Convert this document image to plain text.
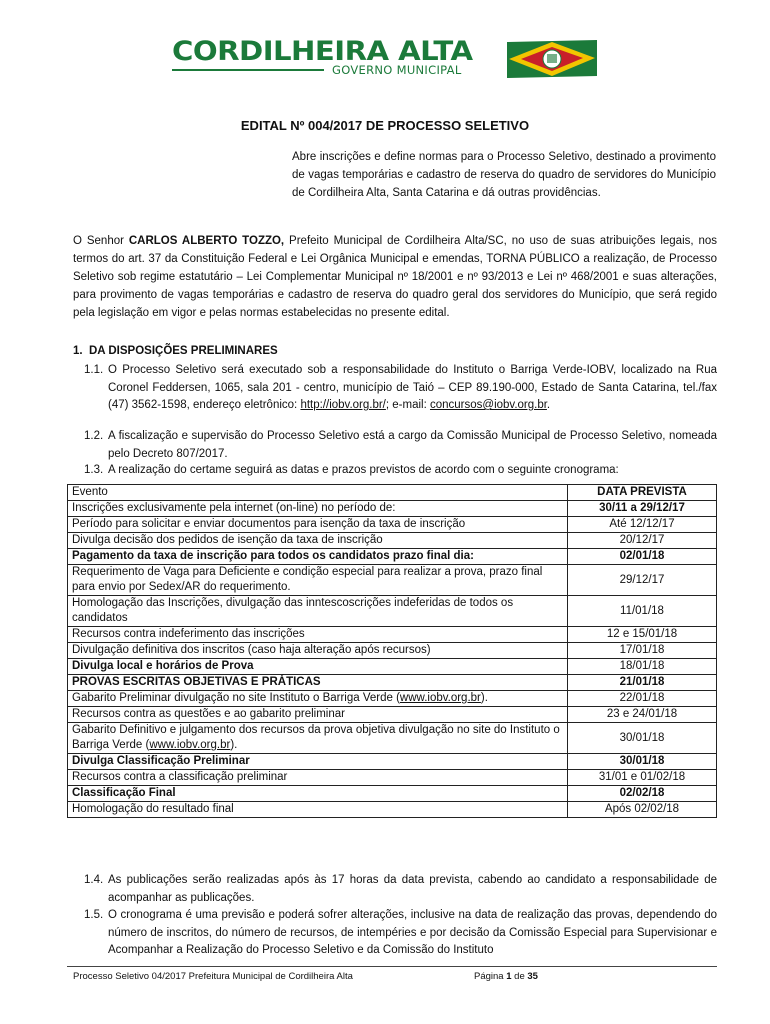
CORDILHEIRA ALTA
GOVERNO MUNICIPAL
EDITAL Nº 004/2017 DE PROCESSO SELETIVO
Abre inscrições e define normas para o Processo Seletivo, destinado a provimento de vagas temporárias e cadastro de reserva do quadro de servidores do Município de Cordilheira Alta, Santa Catarina e dá outras providências.
O Senhor CARLOS ALBERTO TOZZO, Prefeito Municipal de Cordilheira Alta/SC, no uso de suas atribuições legais, nos termos do art. 37 da Constituição Federal e Lei Orgânica Municipal e emendas, TORNA PÚBLICO a realização, de Processo Seletivo sob regime estatutário – Lei Complementar Municipal nº 18/2001 e nº 93/2013 e Lei nº 468/2001 e suas alterações, para provimento de vagas temporárias e cadastro de reserva do quadro geral dos servidores do Município, que será regido pela legislação em vigor e pelas normas estabelecidas no presente edital.
1.  DA DISPOSIÇÕES PRELIMINARES
1.1. O Processo Seletivo será executado sob a responsabilidade do Instituto o Barriga Verde-IOBV, localizado na Rua Coronel Feddersen, 1065, sala 201 - centro, município de Taió – CEP 89.190-000, Estado de Santa Catarina, tel./fax (47) 3562-1598, endereço eletrônico: http://iobv.org.br/; e-mail: concursos@iobv.org.br.
1.2. A fiscalização e supervisão do Processo Seletivo está a cargo da Comissão Municipal de Processo Seletivo, nomeada pelo Decreto 807/2017.
1.3. A realização do certame seguirá as datas e prazos previstos de acordo com o seguinte cronograma:
Evento	DATA PREVISTA
Inscrições exclusivamente pela internet (on-line) no período de:	30/11 a 29/12/17
Período para solicitar e enviar documentos para isenção da taxa de inscrição	Até 12/12/17
Divulga decisão dos pedidos de isenção da taxa de inscrição	20/12/17
Pagamento da taxa de inscrição para todos os candidatos prazo final dia:	02/01/18
Requerimento de Vaga para Deficiente e condição especial para realizar a prova, prazo final para envio por Sedex/AR do requerimento.	29/12/17
Homologação das Inscrições, divulgação das inntescoscrições indeferidas de todos os candidatos	11/01/18
Recursos contra indeferimento das inscrições	12 e 15/01/18
Divulgação definitiva dos inscritos (caso haja alteração após recursos)	17/01/18
Divulga local e horários de Prova	18/01/18
PROVAS ESCRITAS OBJETIVAS E PRÁTICAS	21/01/18
Gabarito Preliminar divulgação no site Instituto o Barriga Verde (www.iobv.org.br).	22/01/18
Recursos contra as questões e ao gabarito preliminar	23 e 24/01/18
Gabarito Definitivo e julgamento dos recursos da prova objetiva divulgação no site do Instituto o Barriga Verde (www.iobv.org.br).	30/01/18
Divulga Classificação Preliminar	30/01/18
Recursos contra a classificação preliminar	31/01 e 01/02/18
Classificação Final	02/02/18
Homologação do resultado final	Após 02/02/18
1.4. As publicações serão realizadas após às 17 horas da data prevista, cabendo ao candidato a responsabilidade de acompanhar as publicações.
1.5. O cronograma é uma previsão e poderá sofrer alterações, inclusive na data de realização das provas, dependendo do número de inscritos, do número de recursos, de intempéries e por decisão da Comissão Especial para Supervisionar e Acompanhar a Realização do Processo Seletivo e da Comissão do Instituto
Processo Seletivo 04/2017 Prefeitura Municipal de Cordilheira Alta	Página 1 de 35
